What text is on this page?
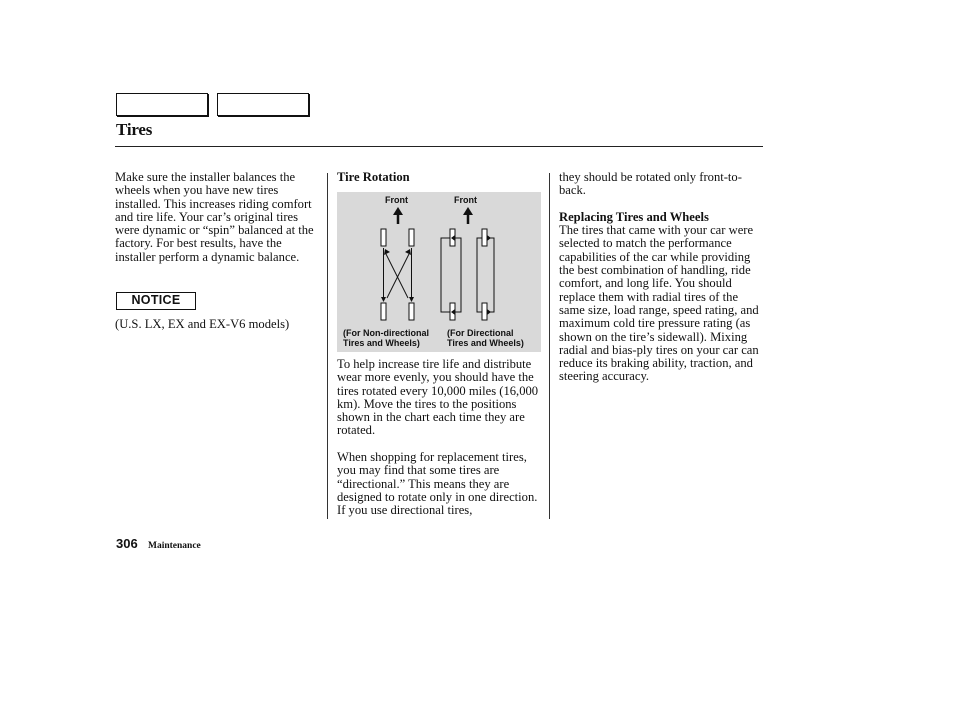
Tires

Make sure the installer balances the wheels when you have new tires installed. This increases riding comfort and tire life. Your car’s original tires were dynamic or “spin” balanced at the factory. For best results, have the installer perform a dynamic balance.

NOTICE
(U.S. LX, EX and EX-V6 models)
Tire Rotation
Front	Front
(For Non-directional
Tires and Wheels)
(For Directional
Tires and Wheels)

To help increase tire life and distribute wear more evenly, you should have the tires rotated every 10,000 miles (16,000 km). Move the tires to the positions shown in the chart each time they are rotated.

When shopping for replacement tires, you may find that some tires are “directional.” This means they are designed to rotate only in one direction. If you use directional tires,

they should be rotated only front-to-back.

Replacing Tires and Wheels

The tires that came with your car were selected to match the performance capabilities of the car while providing the best combination of handling, ride comfort, and long life. You should replace them with radial tires of the same size, load range, speed rating, and maximum cold tire pressure rating (as shown on the tire’s sidewall). Mixing radial and bias-ply tires on your car can reduce its braking ability, traction, and steering accuracy.

306 Maintenance
